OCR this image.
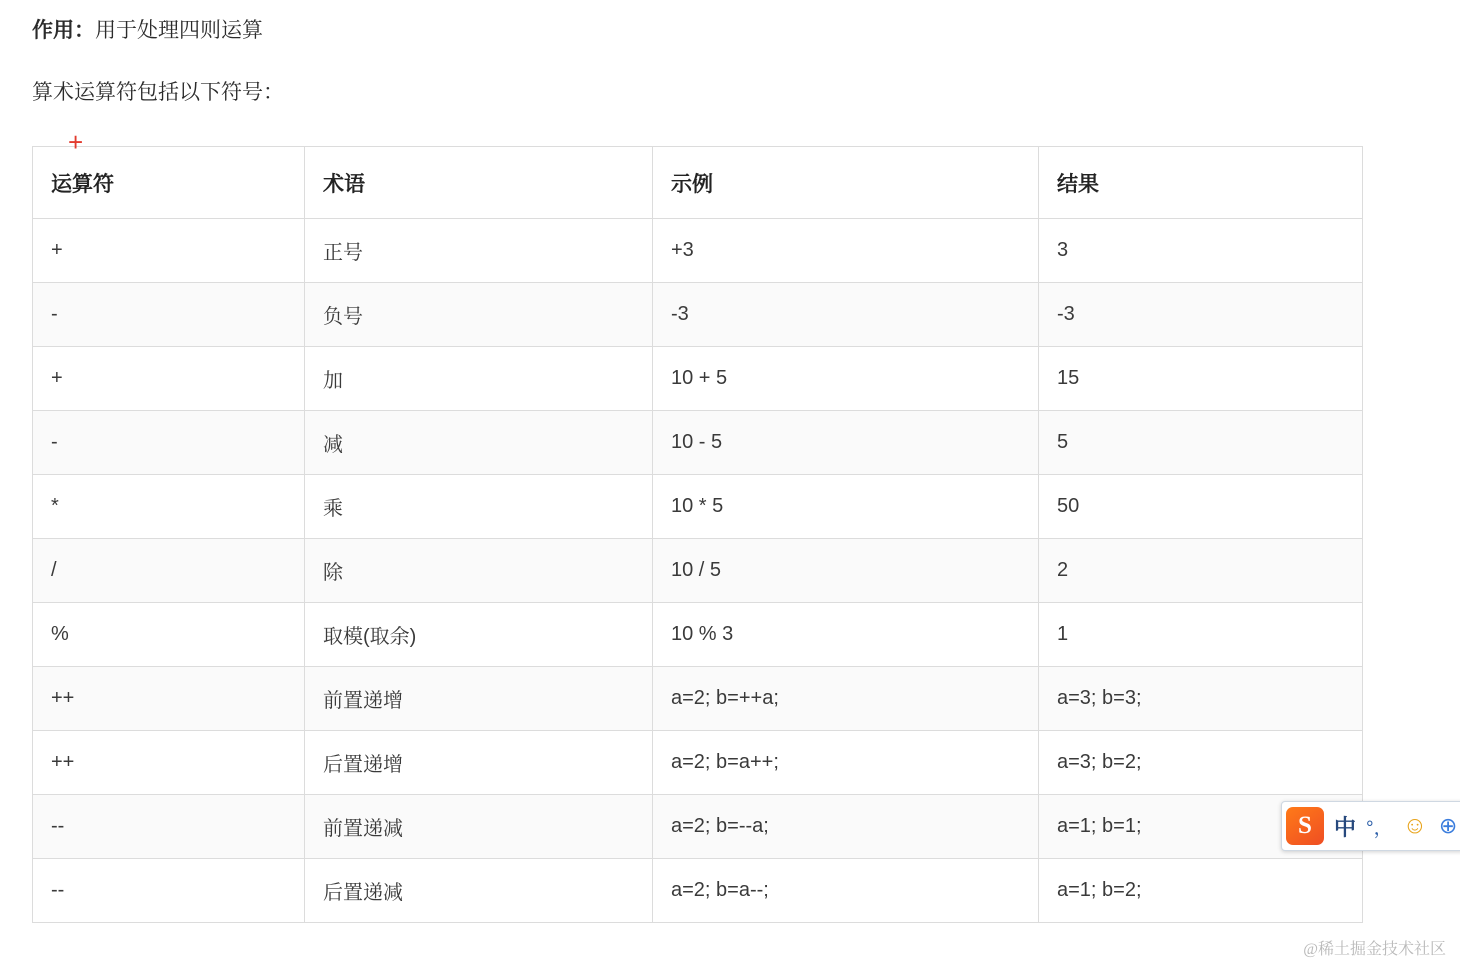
作用：用于处理四则运算

算术运算符包括以下符号：

+
运算符	术语	示例	结果
+	正号	+3	3
-	负号	-3	-3
+	加	10 + 5	15
-	减	10 - 5	5
*	乘	10 * 5	50
/	除	10 / 5	2
%	取模(取余)	10 % 3	1
++	前置递增	a=2; b=++a;	a=3; b=3;
++	后置递增	a=2; b=a++;	a=3; b=2;
--	前置递减	a=2; b=--a;	a=1; b=1;
--	后置递减	a=2; b=a--;	a=1; b=2;
S	中 °， ☺ ⊕
@稀土掘金技术社区
